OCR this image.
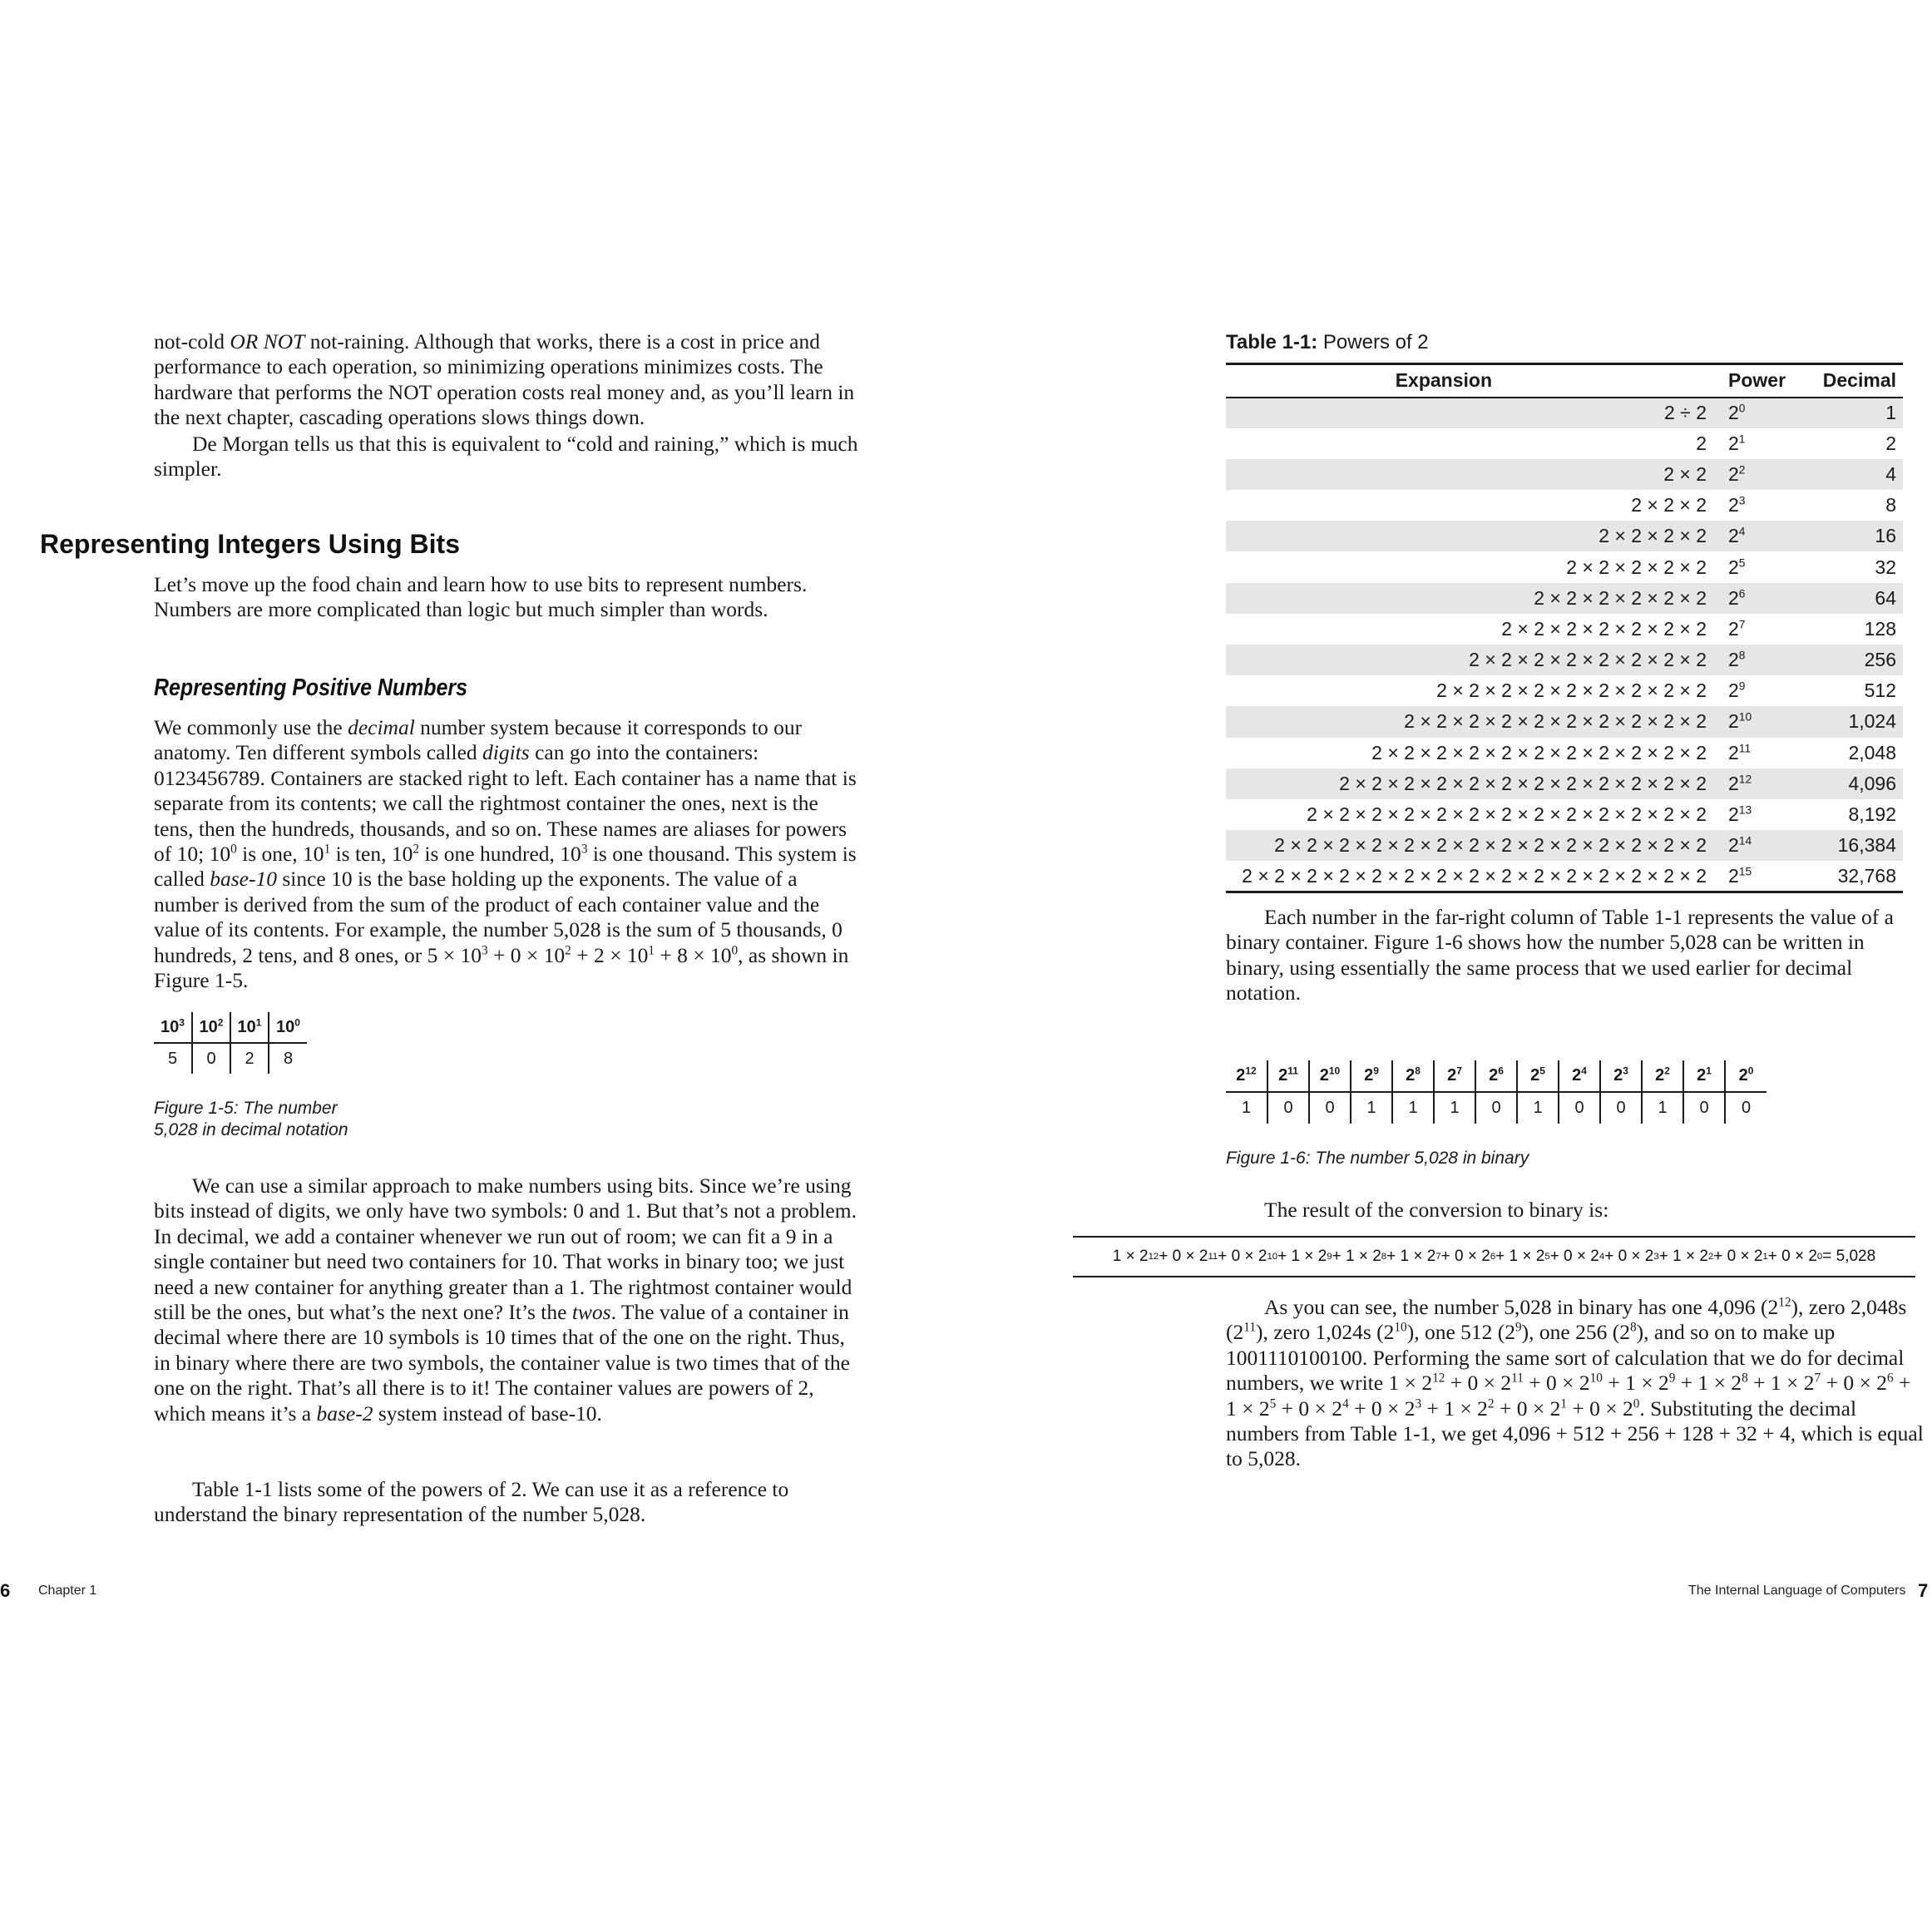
not-cold OR NOT not-raining. Although that works, there is a cost in price and performance to each operation, so minimizing operations minimizes costs. The hardware that performs the NOT operation costs real money and, as you’ll learn in the next chapter, cascading operations slows things down.

De Morgan tells us that this is equivalent to “cold and raining,” which is much simpler.

Representing Integers Using Bits

Let’s move up the food chain and learn how to use bits to represent numbers. Numbers are more complicated than logic but much simpler than words.

Representing Positive Numbers

We commonly use the decimal number system because it corresponds to our anatomy. Ten different symbols called digits can go into the containers: 0123456789. Containers are stacked right to left. Each container has a name that is separate from its contents; we call the rightmost container the ones, next is the tens, then the hundreds, thousands, and so on. These names are aliases for powers of 10; $10^0$ is one, $10^1$ is ten, $10^2$ is one hundred, $10^3$ is one thousand. This system is called base-10 since 10 is the base holding up the exponents. The value of a number is derived from the sum of the product of each container value and the value of its contents. For example, the number 5,028 is the sum of 5 thousands, 0 hundreds, 2 tens, and 8 ones, or $5 \times 10^3 + 0 \times 10^2 + 2 \times 10^1 + 8 \times 10^0$, as shown in Figure 1-5.

$10^3$	$10^2$	$10^1$	$10^0$
5	0	2	8
Figure 1-5: The number
5,028 in decimal notation

We can use a similar approach to make numbers using bits. Since we’re using bits instead of digits, we only have two symbols: 0 and 1. But that’s not a problem. In decimal, we add a container whenever we run out of room; we can fit a 9 in a single container but need two containers for 10. That works in binary too; we just need a new container for anything greater than a 1. The rightmost container would still be the ones, but what’s the next one? It’s the twos. The value of a container in decimal where there are 10 symbols is 10 times that of the one on the right. Thus, in binary where there are two symbols, the container value is two times that of the one on the right. That’s all there is to it! The container values are powers of 2, which means it’s a base-2 system instead of base-10.

Table 1-1 lists some of the powers of 2. We can use it as a reference to understand the binary representation of the number 5,028.

6 Chapter 1
Table 1-1: Powers of 2
Expansion	Power	Decimal
2 ÷ 2	$2^0$	1
2	$2^1$	2
2 × 2	$2^2$	4
2 × 2 × 2	$2^3$	8
2 × 2 × 2 × 2	$2^4$	16
2 × 2 × 2 × 2 × 2	$2^5$	32
2 × 2 × 2 × 2 × 2 × 2	$2^6$	64
2 × 2 × 2 × 2 × 2 × 2 × 2	$2^7$	128
2 × 2 × 2 × 2 × 2 × 2 × 2 × 2	$2^8$	256
2 × 2 × 2 × 2 × 2 × 2 × 2 × 2 × 2	$2^9$	512
2 × 2 × 2 × 2 × 2 × 2 × 2 × 2 × 2 × 2	$2^{10}$	1,024
2 × 2 × 2 × 2 × 2 × 2 × 2 × 2 × 2 × 2 × 2	$2^{11}$	2,048
2 × 2 × 2 × 2 × 2 × 2 × 2 × 2 × 2 × 2 × 2 × 2	$2^{12}$	4,096
2 × 2 × 2 × 2 × 2 × 2 × 2 × 2 × 2 × 2 × 2 × 2 × 2	$2^{13}$	8,192
2 × 2 × 2 × 2 × 2 × 2 × 2 × 2 × 2 × 2 × 2 × 2 × 2 × 2	$2^{14}$	16,384
2 × 2 × 2 × 2 × 2 × 2 × 2 × 2 × 2 × 2 × 2 × 2 × 2 × 2 × 2	$2^{15}$	32,768

Each number in the far-right column of Table 1-1 represents the value of a binary container. Figure 1-6 shows how the number 5,028 can be written in binary, using essentially the same process that we used earlier for decimal notation.

$2^{12}$	$2^{11}$	$2^{10}$	$2^9$	$2^8$	$2^7$	$2^6$	$2^5$	$2^4$	$2^3$	$2^2$	$2^1$	$2^0$
1	0	0	1	1	1	0	1	0	0	1	0	0
Figure 1-6: The number 5,028 in binary

The result of the conversion to binary is:

1 × 2 12 + 0 × 2 11 + 0 × 2 10 + 1 × 2 9 + 1 × 2 8 + 1 × 2 7 + 0 × 2 6 + 1 × 2 5 + 0 × 2 4 + 0 × 2 3 + 1 × 2 2 + 0 × 2 1 + 0 × 2 0 = 5,028

As you can see, the number 5,028 in binary has one 4,096 $(2^{12})$, zero 2,048s $(2^{11})$, zero 1,024s $(2^{10})$, one 512 $(2^9)$, one 256 $(2^8)$, and so on to make up 1001110100100. Performing the same sort of calculation that we do for decimal numbers, we write $1 \times 2^{12} + 0 \times 2^{11} + 0 \times 2^{10} + 1 \times 2^9 + 1 \times 2^8 + 1 \times 2^7 + 0 \times 2^6 + 1 \times 2^5 + 0 \times 2^4 + 0 \times 2^3 + 1 \times 2^2 + 0 \times 2^1 + 0 \times 2^0$. Substituting the decimal numbers from Table 1-1, we get 4,096 + 512 + 256 + 128 + 32 + 4, which is equal to 5,028.

The Internal Language of Computers 7
